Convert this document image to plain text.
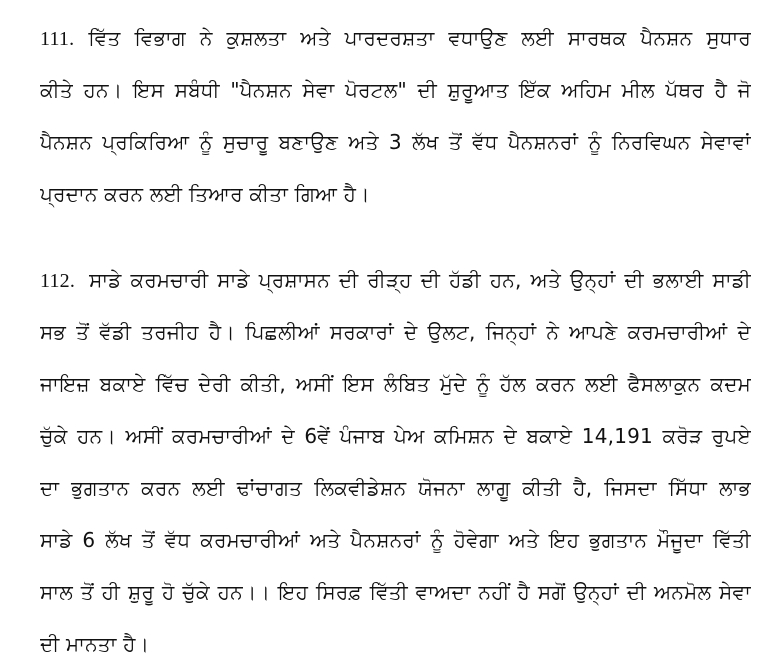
111. ਵਿੱਤ ਵਿਭਾਗ ਨੇ ਕੁਸ਼ਲਤਾ ਅਤੇ ਪਾਰਦਰਸ਼ਤਾ ਵਧਾਉਣ ਲਈ ਸਾਰਥਕ ਪੈਨਸ਼ਨ ਸੁਧਾਰ
ਕੀਤੇ ਹਨ। ਇਸ ਸਬੰਧੀ "ਪੈਨਸ਼ਨ ਸੇਵਾ ਪੋਰਟਲ" ਦੀ ਸ਼ੁਰੂਆਤ ਇੱਕ ਅਹਿਮ ਮੀਲ ਪੱਥਰ ਹੈ ਜੋ
ਪੈਨਸ਼ਨ ਪ੍ਰਕਿਰਿਆ ਨੂੰ ਸੁਚਾਰੂ ਬਣਾਉਣ ਅਤੇ 3 ਲੱਖ ਤੋਂ ਵੱਧ ਪੈਨਸ਼ਨਰਾਂ ਨੂੰ ਨਿਰਵਿਘਨ ਸੇਵਾਵਾਂ
ਪ੍ਰਦਾਨ ਕਰਨ ਲਈ ਤਿਆਰ ਕੀਤਾ ਗਿਆ ਹੈ।
112. ਸਾਡੇ ਕਰਮਚਾਰੀ ਸਾਡੇ ਪ੍ਰਸ਼ਾਸਨ ਦੀ ਰੀੜ੍ਹ ਦੀ ਹੱਡੀ ਹਨ, ਅਤੇ ਉਨ੍ਹਾਂ ਦੀ ਭਲਾਈ ਸਾਡੀ
ਸਭ ਤੋਂ ਵੱਡੀ ਤਰਜੀਹ ਹੈ। ਪਿਛਲੀਆਂ ਸਰਕਾਰਾਂ ਦੇ ਉਲਟ, ਜਿਨ੍ਹਾਂ ਨੇ ਆਪਣੇ ਕਰਮਚਾਰੀਆਂ ਦੇ
ਜਾਇਜ਼ ਬਕਾਏ ਵਿੱਚ ਦੇਰੀ ਕੀਤੀ, ਅਸੀਂ ਇਸ ਲੰਬਿਤ ਮੁੱਦੇ ਨੂੰ ਹੱਲ ਕਰਨ ਲਈ ਫੈਸਲਾਕੁਨ ਕਦਮ
ਚੁੱਕੇ ਹਨ। ਅਸੀਂ ਕਰਮਚਾਰੀਆਂ ਦੇ 6ਵੇਂ ਪੰਜਾਬ ਪੇਅ ਕਮਿਸ਼ਨ ਦੇ ਬਕਾਏ 14,191 ਕਰੋੜ ਰੁਪਏ
ਦਾ ਭੁਗਤਾਨ ਕਰਨ ਲਈ ਢਾਂਚਾਗਤ ਲਿਕਵੀਡੇਸ਼ਨ ਯੋਜਨਾ ਲਾਗੂ ਕੀਤੀ ਹੈ, ਜਿਸਦਾ ਸਿੱਧਾ ਲਾਭ
ਸਾਡੇ 6 ਲੱਖ ਤੋਂ ਵੱਧ ਕਰਮਚਾਰੀਆਂ ਅਤੇ ਪੈਨਸ਼ਨਰਾਂ ਨੂੰ ਹੋਵੇਗਾ ਅਤੇ ਇਹ ਭੁਗਤਾਨ ਮੌਜੂਦਾ ਵਿੱਤੀ
ਸਾਲ ਤੋਂ ਹੀ ਸ਼ੁਰੂ ਹੋ ਚੁੱਕੇ ਹਨ।। ਇਹ ਸਿਰਫ਼ ਵਿੱਤੀ ਵਾਅਦਾ ਨਹੀਂ ਹੈ ਸਗੋਂ ਉਨ੍ਹਾਂ ਦੀ ਅਨਮੋਲ ਸੇਵਾ
ਦੀ ਮਾਨਤਾ ਹੈ।
